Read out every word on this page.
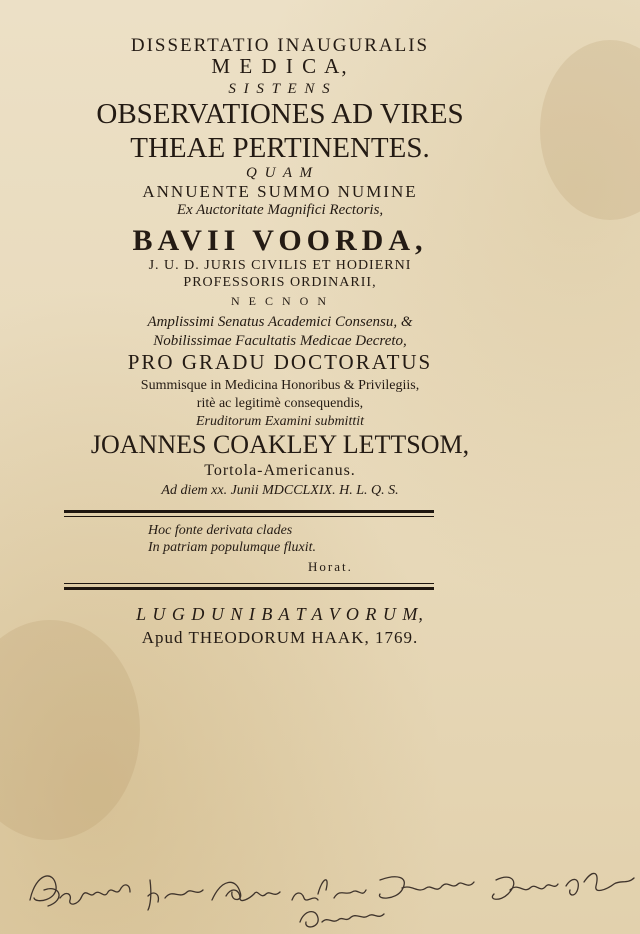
DISSERTATIO INAUGURALIS
M E D I C A,
S I S T E N S
OBSERVATIONES AD VIRES
THEAE PERTINENTES.
Q U A M
ANNUENTE SUMMO NUMINE
Ex Auctoritate Magnifici Rectoris,
BAVII VOORDA,
J. U. D. JURIS CIVILIS ET HODIERNI
PROFESSORIS ORDINARII,
N E C N O N
Amplissimi Senatus Academici Consensu, &
Nobilissimae Facultatis Medicae Decreto,
PRO GRADU DOCTORATUS
Summisque in Medicina Honoribus & Privilegiis,
ritè ac legitimè consequendis,
Eruditorum Examini submittit
JOANNES COAKLEY LETTSOM,
Tortola-Americanus.
Ad diem xx. Junii MDCCLXIX. H. L. Q. S.
Hoc fonte derivata clades
In patriam populumque fluxit.
Horat.
L U G D U N I B A T A V O R U M,
Apud THEODORUM HAAK, 1769.
